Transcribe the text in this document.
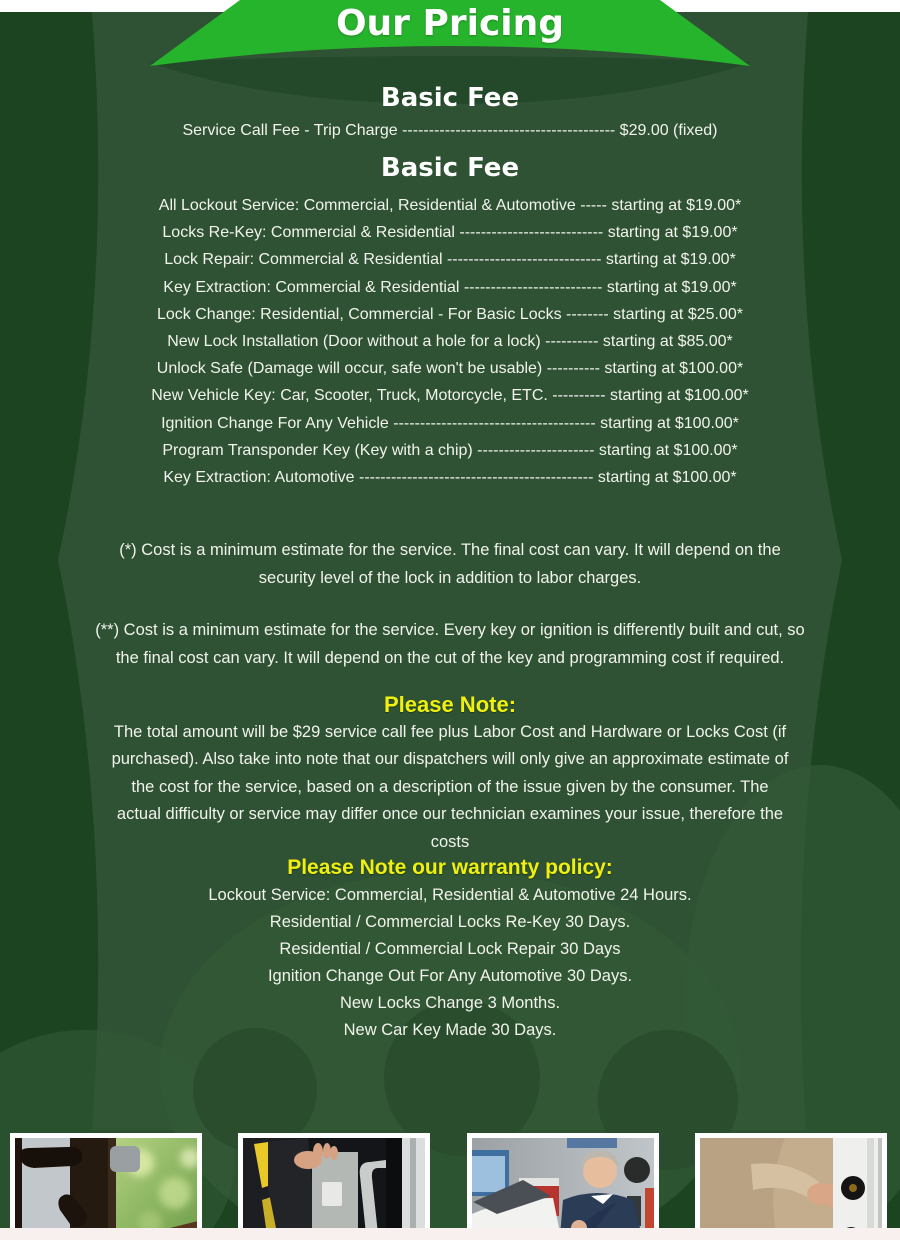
Our Pricing
Basic Fee
Service Call Fee - Trip Charge ---------------------------------------- $29.00 (fixed)
Basic Fee
All Lockout Service: Commercial, Residential & Automotive ----- starting at $19.00*
Locks Re-Key: Commercial & Residential --------------------------- starting at $19.00*
Lock Repair: Commercial & Residential ----------------------------- starting at $19.00*
Key Extraction: Commercial & Residential -------------------------- starting at $19.00*
Lock Change: Residential, Commercial - For Basic Locks -------- starting at $25.00*
New Lock Installation (Door without a hole for a lock) ---------- starting at $85.00*
Unlock Safe (Damage will occur, safe won't be usable) ---------- starting at $100.00*
New Vehicle Key: Car, Scooter, Truck, Motorcycle, ETC. ---------- starting at $100.00*
Ignition Change For Any Vehicle -------------------------------------- starting at $100.00*
Program Transponder Key (Key with a chip) ---------------------- starting at $100.00*
Key Extraction: Automotive -------------------------------------------- starting at $100.00*
(*) Cost is a minimum estimate for the service. The final cost can vary. It will depend on the security level of the lock in addition to labor charges.
(**) Cost is a minimum estimate for the service. Every key or ignition is differently built and cut, so the final cost can vary. It will depend on the cut of the key and programming cost if required.
Please Note:
The total amount will be $29 service call fee plus Labor Cost and Hardware or Locks Cost (if purchased). Also take into note that our dispatchers will only give an approximate estimate of the cost for the service, based on a description of the issue given by the consumer. The actual difficulty or service may differ once our technician examines your issue, therefore the costs
Please Note our warranty policy:
Lockout Service: Commercial, Residential & Automotive 24 Hours.
Residential / Commercial Locks Re-Key 30 Days.
Residential / Commercial Lock Repair 30 Days
Ignition Change Out For Any Automotive 30 Days.
New Locks Change 3 Months.
New Car Key Made 30 Days.
